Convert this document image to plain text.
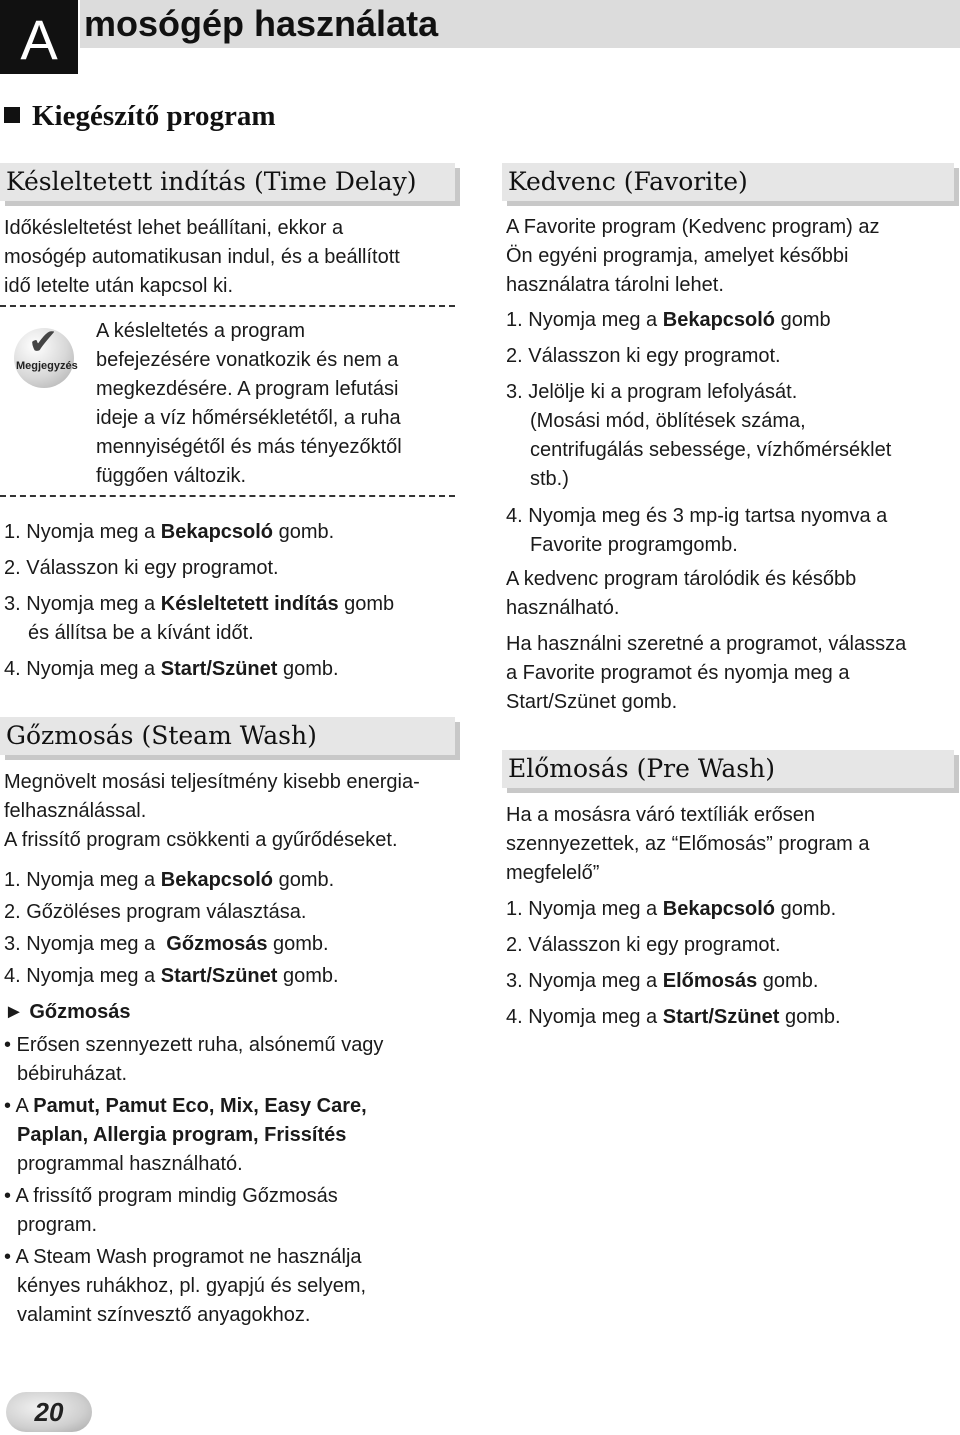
A mosógép használata
Kiegészítő program
Késleltetett indítás (Time Delay)
Időkésleltetést lehet beállítani, ekkor a
mosógép automatikusan indul, és a beállított
idő letelte után kapcsol ki.
✔
Megjegyzés
A késleltetés a program
befejezésére vonatkozik és nem a
megkezdésére. A program lefutási
ideje a víz hőmérsékletétől, a ruha
mennyiségétől és más tényezőktől
függően változik.
1. Nyomja meg a Bekapcsoló gomb.
2. Válasszon ki egy programot.
3. Nyomja meg a Késleltetett indítás gomb
és állítsa be a kívánt időt.
4. Nyomja meg a Start/Szünet gomb.
Gőzmosás (Steam Wash)
Megnövelt mosási teljesítmény kisebb energia-
felhasználással.
A frissítő program csökkenti a gyűrődéseket.
1. Nyomja meg a Bekapcsoló gomb.
2. Gőzöléses program választása.
3. Nyomja meg a  Gőzmosás gomb.
4. Nyomja meg a Start/Szünet gomb.
► Gőzmosás
• Erősen szennyezett ruha, alsónemű vagy
bébiruházat.
• A Pamut, Pamut Eco, Mix, Easy Care,
Paplan, Allergia program, Frissítés
programmal használható.
• A frissítő program mindig Gőzmosás
program.
• A Steam Wash programot ne használja
kényes ruhákhoz, pl. gyapjú és selyem,
valamint színvesztő anyagokhoz.
Kedvenc (Favorite)
A Favorite program (Kedvenc program) az
Ön egyéni programja, amelyet későbbi
használatra tárolni lehet.
1. Nyomja meg a Bekapcsoló gomb
2. Válasszon ki egy programot.
3. Jelölje ki a program lefolyását.
(Mosási mód, öblítések száma,
centrifugálás sebessége, vízhőmérséklet
stb.)
4. Nyomja meg és 3 mp-ig tartsa nyomva a
Favorite programgomb.
A kedvenc program tárolódik és később
használható.
Ha használni szeretné a programot, válassza
a Favorite programot és nyomja meg a
Start/Szünet gomb.
Előmosás (Pre Wash)
Ha a mosásra váró textíliák erősen
szennyezettek, az “Előmosás” program a
megfelelő”
1. Nyomja meg a Bekapcsoló gomb.
2. Válasszon ki egy programot.
3. Nyomja meg a Előmosás gomb.
4. Nyomja meg a Start/Szünet gomb.
20
